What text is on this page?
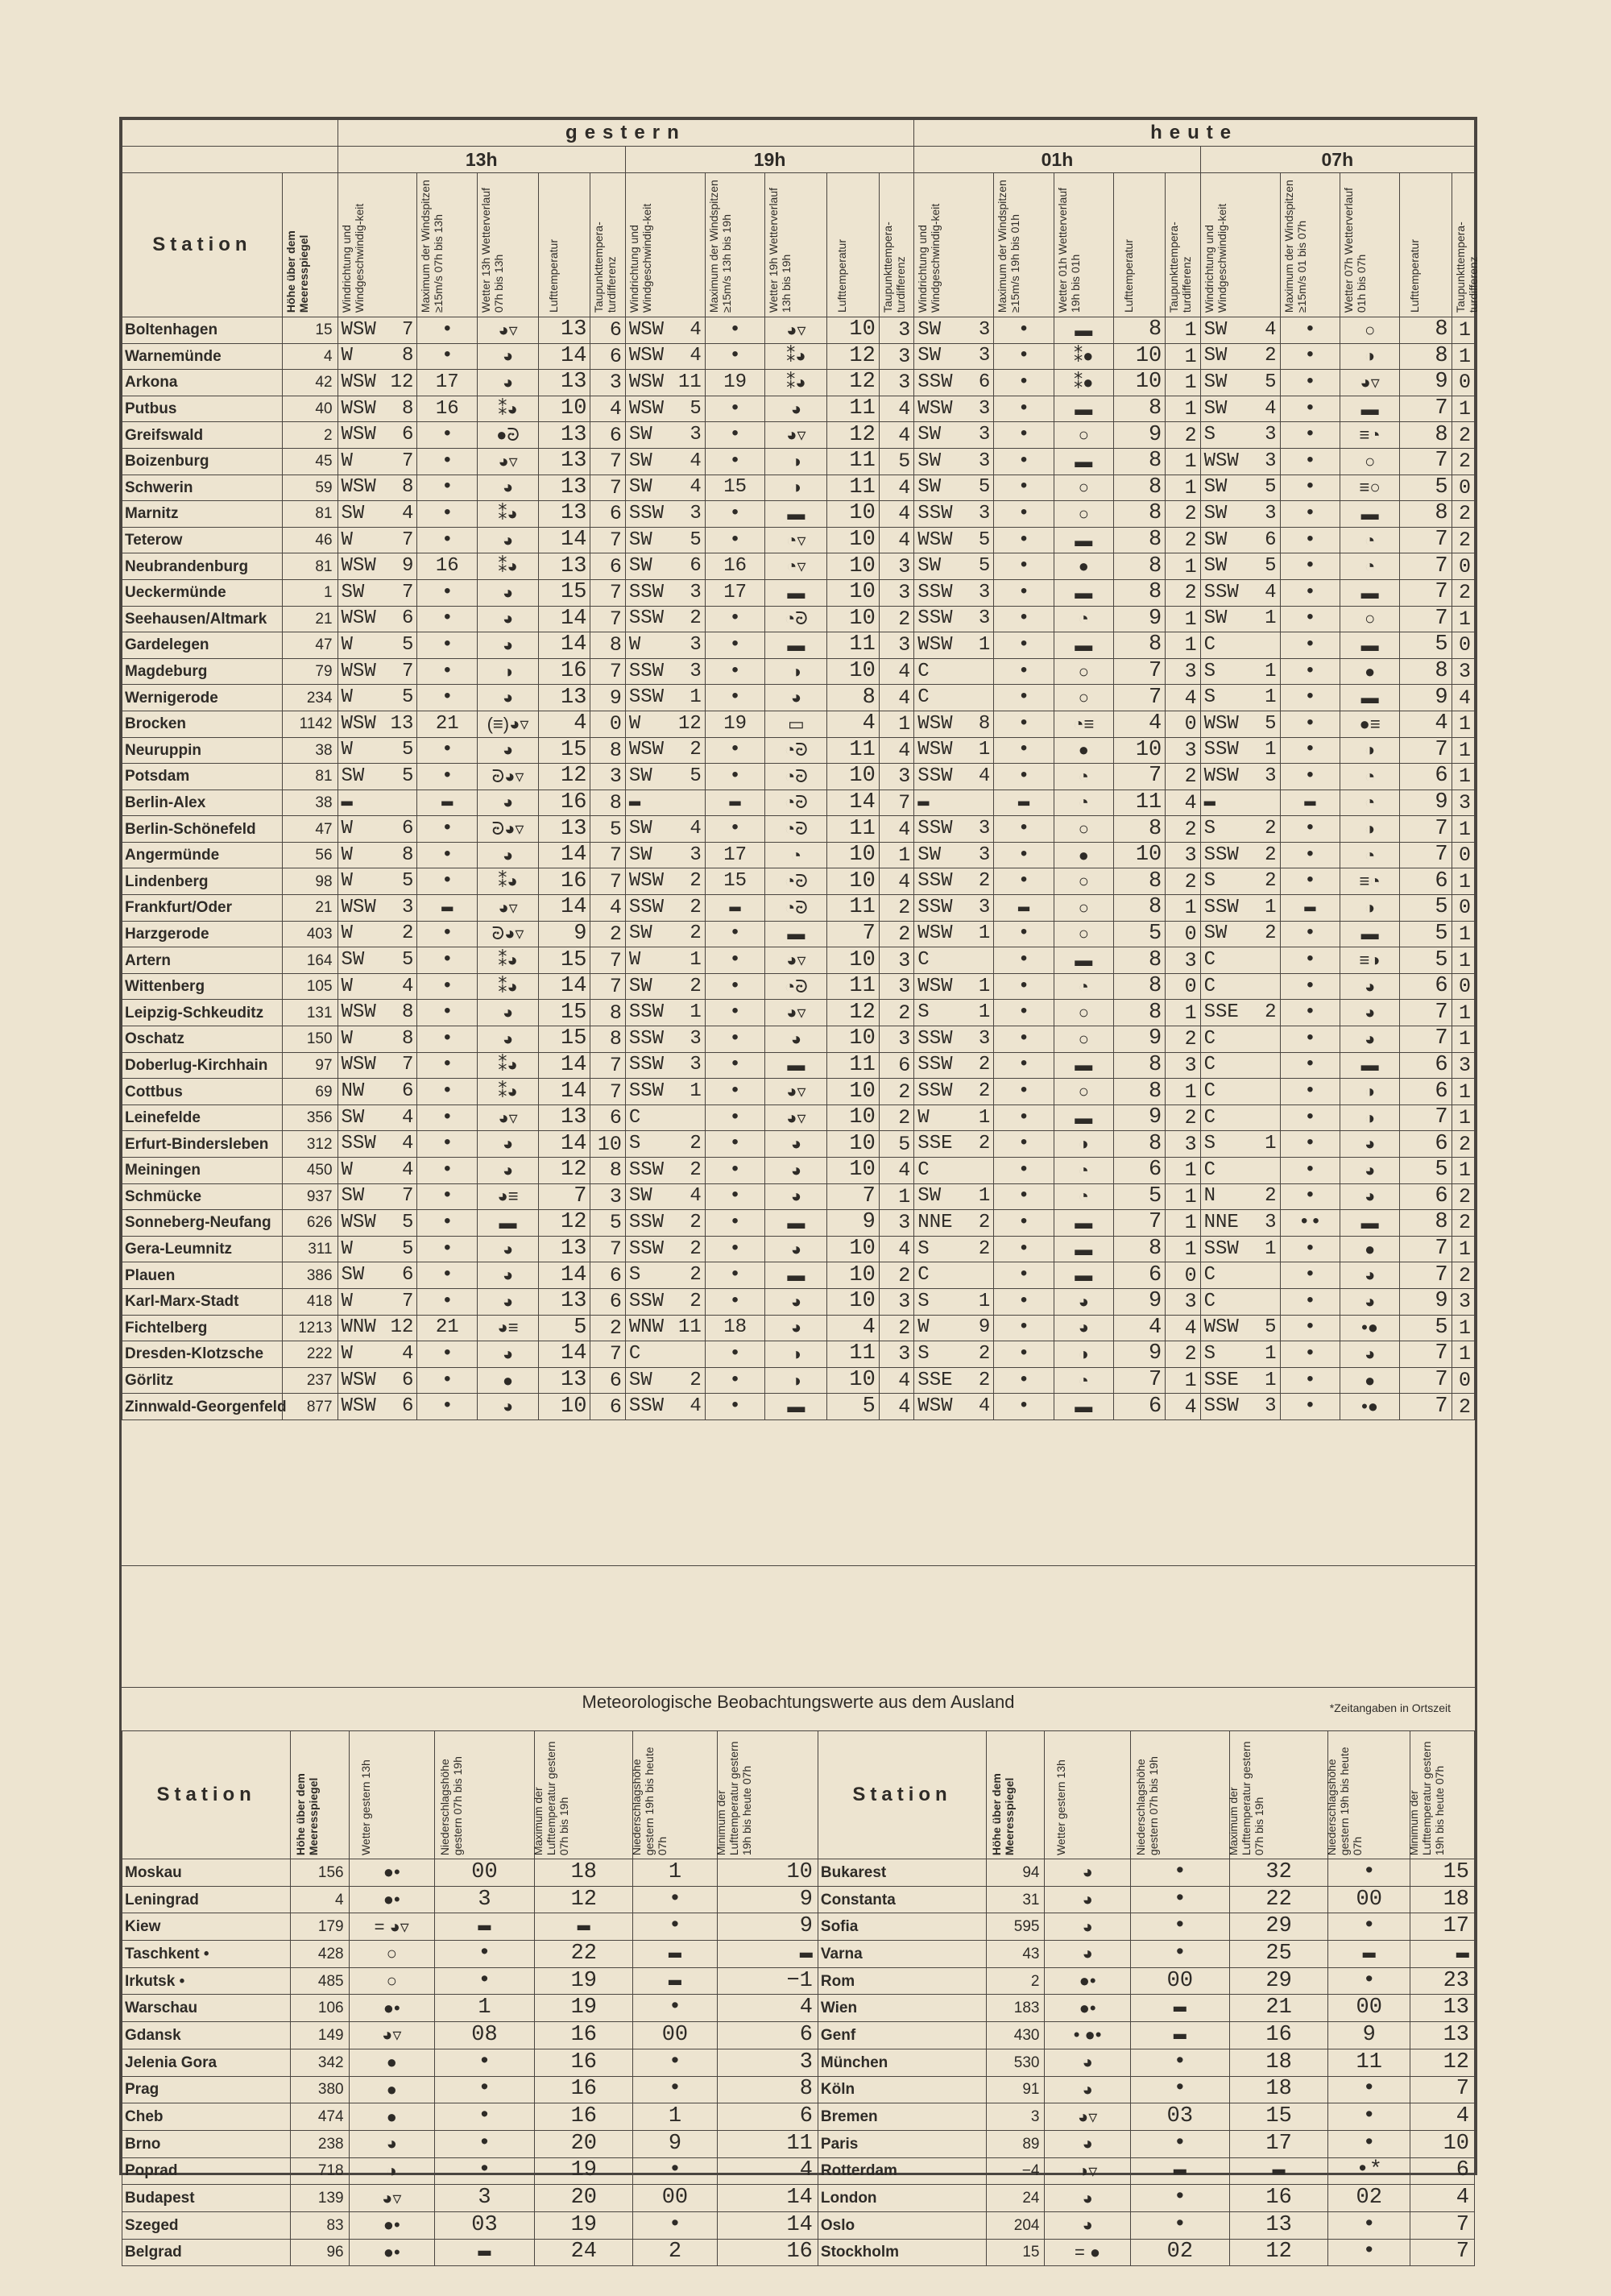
		gestern										heute									
		13h					19h					01h					07h				
Station	Höhe über dem Meeresspiegel	Windrichtung und Windgeschwindig-keit	Maximum der Windspitzen ≥15m/s 07h bis 13h	Wetter 13h Wetterverlauf 07h bis 13h	Lufttemperatur	Taupunkttempera-turdifferenz	Windrichtung und Windgeschwindig-keit	Maximum der Windspitzen ≥15m/s 13h bis 19h	Wetter 19h Wetterverlauf 13h bis 19h	Lufttemperatur	Taupunkttempera-turdifferenz	Windrichtung und Windgeschwindig-keit	Maximum der Windspitzen ≥15m/s 19h bis 01h	Wetter 01h Wetterverlauf 19h bis 01h	Lufttemperatur	Taupunkttempera-turdifferenz	Windrichtung und Windgeschwindig-keit	Maximum der Windspitzen ≥15m/s 01 bis 07h	Wetter 07h Wetterverlauf 01h bis 07h	Lufttemperatur	Taupunkttempera-turdifferenz

Boltenhagen	15	WSW 7	•	◕▿	13	6	WSW 4	•	◕▿	10	3	SW 3	•	▬	8	1	SW 4	•	○	8	1
Warnemünde	4	W 8	•	◕	14	6	WSW 4	•	⁑◕	12	3	SW 3	•	⁑●	10	1	SW 2	•	◑	8	1
Arkona	42	WSW 12	17	◕	13	3	WSW 11	19	⁑◕	12	3	SSW 6	•	⁑●	10	1	SW 5	•	◕▿	9	0
Putbus	40	WSW 8	16	⁑◕	10	4	WSW 5	•	◕	11	4	WSW 3	•	▬	8	1	SW 4	•	▬	7	1
Greifswald	2	WSW 6	•	●ᘒ	13	6	SW 3	•	◕▿	12	4	SW 3	•	○	9	2	S 3	•	≡◔	8	2
Boizenburg	45	W 7	•	◕▿	13	7	SW 4	•	◑	11	5	SW 3	•	▬	8	1	WSW 3	•	○	7	2
Schwerin	59	WSW 8	•	◕	13	7	SW 4	15	◑	11	4	SW 5	•	○	8	1	SW 5	•	≡○	5	0
Marnitz	81	SW 4	•	⁑◕	13	6	SSW 3	•	▬	10	4	SSW 3	•	○	8	2	SW 3	•	▬	8	2
Teterow	46	W 7	•	◕	14	7	SW 5	•	◔▿	10	4	WSW 5	•	▬	8	2	SW 6	•	◔	7	2
Neubrandenburg	81	WSW 9	16	⁑◕	13	6	SW 6	16	◔▿	10	3	SW 5	•	●	8	1	SW 5	•	◔	7	0
Ueckermünde	1	SW 7	•	◕	15	7	SSW 3	17	▬	10	3	SSW 3	•	▬	8	2	SSW 4	•	▬	7	2
Seehausen/Altmark	21	WSW 6	•	◕	14	7	SSW 2	•	◔ᘒ	10	2	SSW 3	•	◔	9	1	SW 1	•	○	7	1
Gardelegen	47	W 5	•	◕	14	8	W 3	•	▬	11	3	WSW 1	•	▬	8	1	C	•	▬	5	0
Magdeburg	79	WSW 7	•	◑	16	7	SSW 3	•	◑	10	4	C	•	○	7	3	S 1	•	●	8	3
Wernigerode	234	W 5	•	◕	13	9	SSW 1	•	◕	8	4	C	•	○	7	4	S 1	•	▬	9	4
Brocken	1142	WSW 13	21	(≡)◕▿	4	0	W 12	19	▭	4	1	WSW 8	•	◔≡	4	0	WSW 5	•	●≡	4	1
Neuruppin	38	W 5	•	◕	15	8	WSW 2	•	◔ᘒ	11	4	WSW 1	•	●	10	3	SSW 1	•	◑	7	1
Potsdam	81	SW 5	•	ᘒ◕▿	12	3	SW 5	•	◔ᘒ	10	3	SSW 4	•	◔	7	2	WSW 3	•	◔	6	1
Berlin-Alex	38	▬	▬	◕	16	8	▬	▬	◔ᘒ	14	7	▬	▬	◔	11	4	▬	▬	◔	9	3
Berlin-Schönefeld	47	W 6	•	ᘒ◕▿	13	5	SW 4	•	◔ᘒ	11	4	SSW 3	•	○	8	2	S 2	•	◑	7	1
Angermünde	56	W 8	•	◕	14	7	SW 3	17	◔	10	1	SW 3	•	●	10	3	SSW 2	•	◔	7	0
Lindenberg	98	W 5	•	⁑◕	16	7	WSW 2	15	◔ᘒ	10	4	SSW 2	•	○	8	2	S 2	•	≡◔	6	1
Frankfurt/Oder	21	WSW 3	▬	◕▿	14	4	SSW 2	▬	◔ᘒ	11	2	SSW 3	▬	○	8	1	SSW 1	▬	◑	5	0
Harzgerode	403	W 2	•	ᘒ◕▿	9	2	SW 2	•	▬	7	2	WSW 1	•	○	5	0	SW 2	•	▬	5	1
Artern	164	SW 5	•	⁑◕	15	7	W 1	•	◕▿	10	3	C	•	▬	8	3	C	•	≡◑	5	1
Wittenberg	105	W 4	•	⁑◕	14	7	SW 2	•	◔ᘒ	11	3	WSW 1	•	◔	8	0	C	•	◕	6	0
Leipzig-Schkeuditz	131	WSW 8	•	◕	15	8	SSW 1	•	◕▿	12	2	S 1	•	○	8	1	SSE 2	•	◕	7	1
Oschatz	150	W 8	•	◕	15	8	SSW 3	•	◕	10	3	SSW 3	•	○	9	2	C	•	◕	7	1
Doberlug-Kirchhain	97	WSW 7	•	⁑◕	14	7	SSW 3	•	▬	11	6	SSW 2	•	▬	8	3	C	•	▬	6	3
Cottbus	69	NW 6	•	⁑◕	14	7	SSW 1	•	◕▿	10	2	SSW 2	•	○	8	1	C	•	◑	6	1
Leinefelde	356	SW 4	•	◕▿	13	6	C	•	◕▿	10	2	W 1	•	▬	9	2	C	•	◑	7	1
Erfurt-Bindersleben	312	SSW 4	•	◕	14	10	S 2	•	◕	10	5	SSE 2	•	◑	8	3	S 1	•	◕	6	2
Meiningen	450	W 4	•	◕	12	8	SSW 2	•	◕	10	4	C	•	◔	6	1	C	•	◕	5	1
Schmücke	937	SW 7	•	◕≡	7	3	SW 4	•	◕	7	1	SW 1	•	◔	5	1	N 2	•	◕	6	2
Sonneberg-Neufang	626	WSW 5	•	▬	12	5	SSW 2	•	▬	9	3	NNE 2	•	▬	7	1	NNE 3	••	▬	8	2
Gera-Leumnitz	311	W 5	•	◕	13	7	SSW 2	•	◕	10	4	S 2	•	▬	8	1	SSW 1	•	●	7	1
Plauen	386	SW 6	•	◕	14	6	S 2	•	▬	10	2	C	•	▬	6	0	C	•	◕	7	2
Karl-Marx-Stadt	418	W 7	•	◕	13	6	SSW 2	•	◕	10	3	S 1	•	◕	9	3	C	•	◕	9	3
Fichtelberg	1213	WNW 12	21	◕≡	5	2	WNW 11	18	◕	4	2	W 9	•	◕	4	4	WSW 5	•	•●	5	1
Dresden-Klotzsche	222	W 4	•	◕	14	7	C	•	◑	11	3	S 2	•	◑	9	2	S 1	•	◕	7	1
Görlitz	237	WSW 6	•	●	13	6	SW 2	•	◑	10	4	SSE 2	•	◔	7	1	SSE 1	•	●	7	0
Zinnwald-Georgenfeld	877	WSW 6	•	◕	10	6	SSW 4	•	▬	5	4	WSW 4	•	▬	6	4	SSW 3	•	•●	7	2
Meteorologische Beobachtungswerte aus dem Ausland	*Zeitangaben in Ortszeit
Station	Höhe über dem Meeresspiegel	Wetter gestern 13h	Niederschlagshöhe gestern 07h bis 19h	Maximum der Lufttemperatur gestern 07h bis 19h	Niederschlagshöhe gestern 19h bis heute 07h	Minimum der Lufttemperatur gestern 19h bis heute 07h	Station	Höhe über dem Meeresspiegel	Wetter gestern 13h	Niederschlagshöhe gestern 07h bis 19h	Maximum der Lufttemperatur gestern 07h bis 19h	Niederschlagshöhe gestern 19h bis heute 07h	Minimum der Lufttemperatur gestern 19h bis heute 07h

Moskau	156	●•	00	18	1	10	Bukarest	94	◕	•	32	•	15
Leningrad	4	●•	3	12	•	9	Constanta	31	◕	•	22	00	18
Kiew	179	= ◕▿	▬	▬	•	9	Sofia	595	◕	•	29	•	17
Taschkent •	428	○	•	22	▬	▬	Varna	43	◕	•	25	▬	▬
Irkutsk •	485	○	•	19	▬	−1	Rom	2	●•	00	29	•	23
Warschau	106	●•	1	19	•	4	Wien	183	●•	▬	21	00	13
Gdansk	149	◕▿	08	16	00	6	Genf	430	• ●•	▬	16	9	13
Jelenia Gora	342	●	•	16	•	3	München	530	◕	•	18	11	12
Prag	380	●	•	16	•	8	Köln	91	◕	•	18	•	7
Cheb	474	●	•	16	1	6	Bremen	3	◕▿	03	15	•	4
Brno	238	◕	•	20	9	11	Paris	89	◕	•	17	•	10
Poprad	718	◑	•	19	•	4	Rotterdam	−4	◑▿	▬	▬	•*	6
Budapest	139	◕▿	3	20	00	14	London	24	◕	•	16	02	4
Szeged	83	●•	03	19	•	14	Oslo	204	◕	•	13	•	7
Belgrad	96	●•	▬	24	2	16	Stockholm	15	= ●	02	12	•	7
